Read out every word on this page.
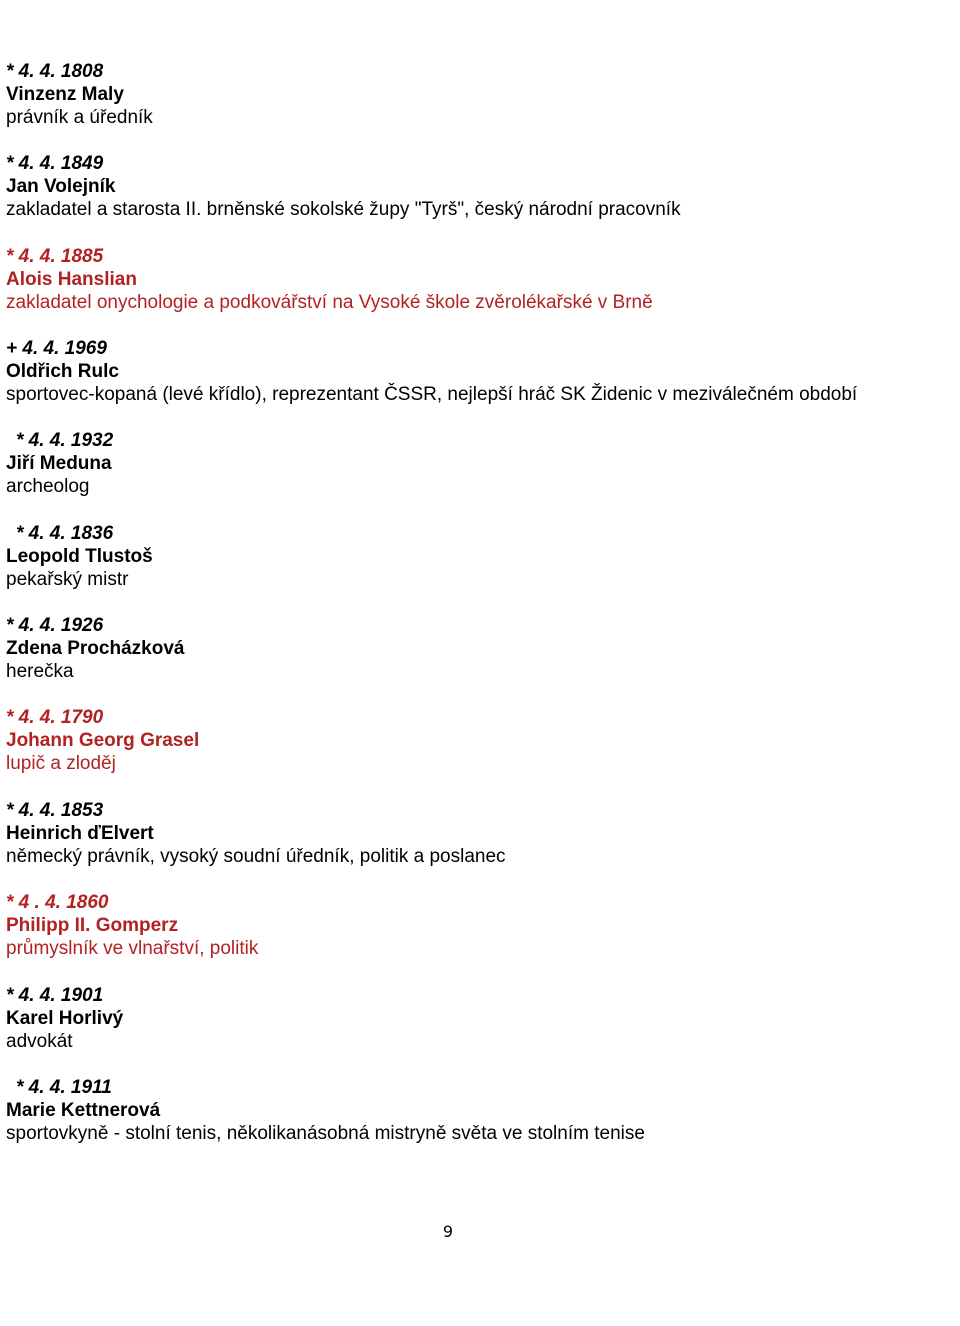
* 4. 4. 1808
Vinzenz Maly
právník a úředník
* 4. 4. 1849
Jan Volejník
zakladatel a starosta II. brněnské sokolské župy "Tyrš", český národní pracovník
* 4. 4. 1885
Alois Hanslian
zakladatel onychologie a podkovářství na Vysoké škole zvěrolékařské v Brně
+ 4. 4. 1969
Oldřich Rulc
sportovec-kopaná (levé křídlo), reprezentant ČSSR, nejlepší hráč SK Židenic v meziválečném období
* 4. 4. 1932
Jiří Meduna
archeolog
* 4. 4. 1836
Leopold Tlustoš
pekařský mistr
* 4. 4. 1926
Zdena Procházková
herečka
* 4. 4. 1790
Johann Georg Grasel
lupič a zloděj
* 4. 4. 1853
Heinrich ďElvert
německý právník, vysoký soudní úředník, politik a poslanec
* 4 . 4. 1860
Philipp II. Gomperz
průmyslník ve vlnařství, politik
* 4. 4. 1901
Karel Horlivý
advokát
* 4. 4. 1911
Marie Kettnerová
sportovkyně - stolní tenis, několikanásobná mistryně světa ve stolním tenise
9
